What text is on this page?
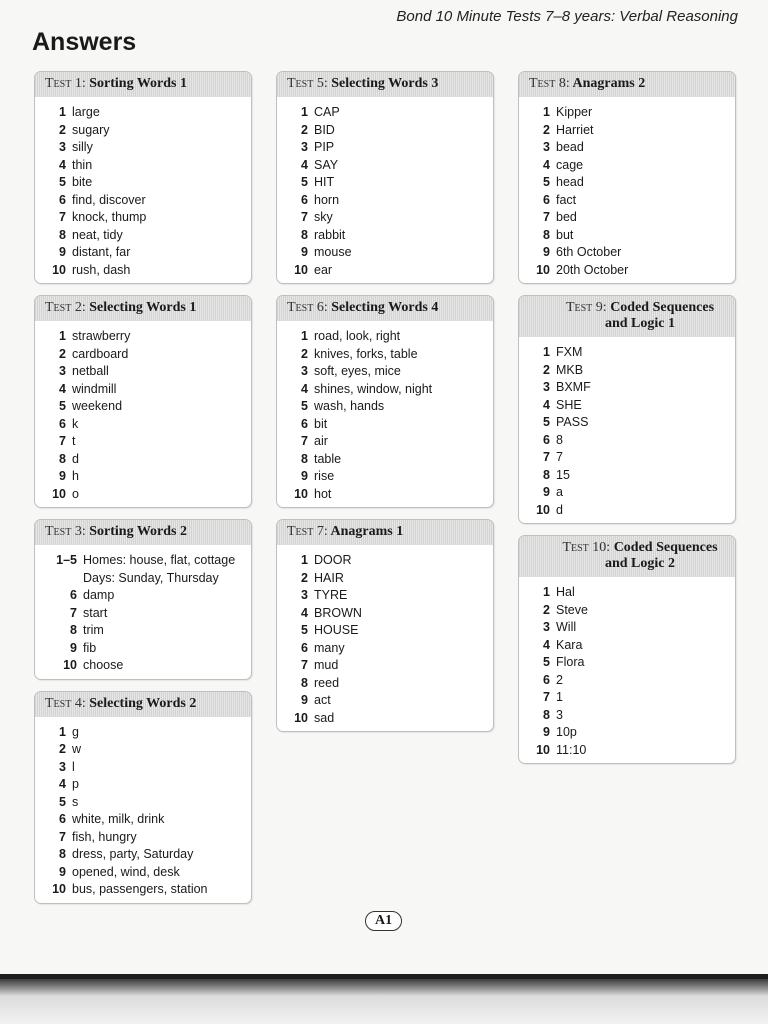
Bond 10 Minute Tests 7–8 years: Verbal Reasoning
Answers
Test 1: Sorting Words 1
1 large
2 sugary
3 silly
4 thin
5 bite
6 find, discover
7 knock, thump
8 neat, tidy
9 distant, far
10 rush, dash
Test 2: Selecting Words 1
1 strawberry
2 cardboard
3 netball
4 windmill
5 weekend
6 k
7 t
8 d
9 h
10 o
Test 3: Sorting Words 2
1–5 Homes: house, flat, cottage
Days: Sunday, Thursday
6 damp
7 start
8 trim
9 fib
10 choose
Test 4: Selecting Words 2
1 g
2 w
3 l
4 p
5 s
6 white, milk, drink
7 fish, hungry
8 dress, party, Saturday
9 opened, wind, desk
10 bus, passengers, station
Test 5: Selecting Words 3
1 CAP
2 BID
3 PIP
4 SAY
5 HIT
6 horn
7 sky
8 rabbit
9 mouse
10 ear
Test 6: Selecting Words 4
1 road, look, right
2 knives, forks, table
3 soft, eyes, mice
4 shines, window, night
5 wash, hands
6 bit
7 air
8 table
9 rise
10 hot
Test 7: Anagrams 1
1 DOOR
2 HAIR
3 TYRE
4 BROWN
5 HOUSE
6 many
7 mud
8 reed
9 act
10 sad
Test 8: Anagrams 2
1 Kipper
2 Harriet
3 bead
4 cage
5 head
6 fact
7 bed
8 but
9 6th October
10 20th October
Test 9: Coded Sequences and Logic 1
1 FXM
2 MKB
3 BXMF
4 SHE
5 PASS
6 8
7 7
8 15
9 a
10 d
Test 10: Coded Sequences and Logic 2
1 Hal
2 Steve
3 Will
4 Kara
5 Flora
6 2
7 1
8 3
9 10p
10 11:10
A1
